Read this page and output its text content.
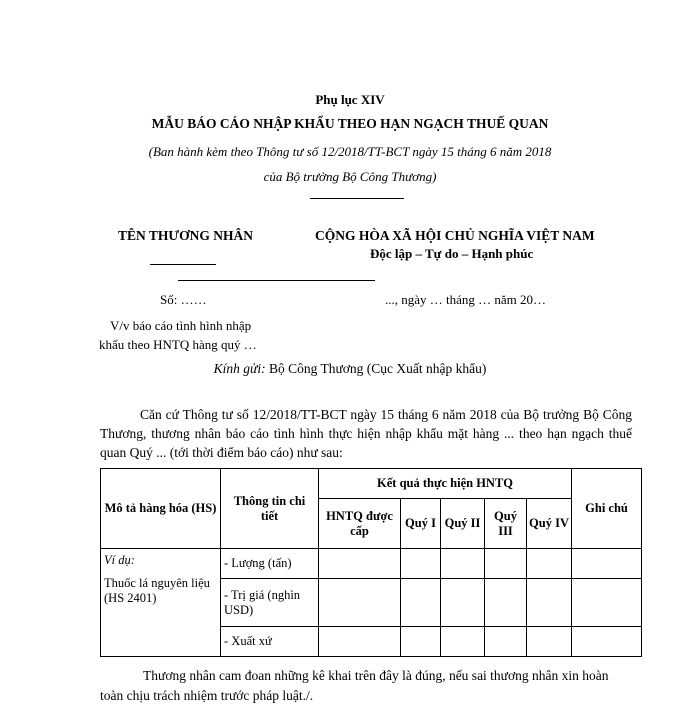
Phụ lục XIV
MẪU BÁO CÁO NHẬP KHẨU THEO HẠN NGẠCH THUẾ QUAN
(Ban hành kèm theo Thông tư số 12/2018/TT-BCT ngày 15 tháng 6 năm 2018
của Bộ trưởng Bộ Công Thương)
TÊN THƯƠNG NHÂN	CỘNG HÒA XÃ HỘI CHỦ NGHĨA VIỆT NAM
Độc lập – Tự do – Hạnh phúc
Số: ……	..., ngày … tháng … năm 20…
V/v báo cáo tình hình nhập
khẩu theo HNTQ hàng quý …
Kính gửi: Bộ Công Thương (Cục Xuất nhập khẩu)
Căn cứ Thông tư số 12/2018/TT-BCT ngày 15 tháng 6 năm 2018 của Bộ trưởng Bộ Công Thương, thương nhân báo cáo tình hình thực hiện nhập khẩu mặt hàng ... theo hạn ngạch thuế quan Quý ... (tới thời điểm báo cáo) như sau:
Mô tả hàng hóa (HS)	Thông tin chi tiết	Kết quả thực hiện HNTQ					Ghi chú
		HNTQ được cấp	Quý I	Quý II	Quý III	Quý IV	

Ví dụ:
Thuốc lá nguyên liệu (HS 2401)	- Lượng (tấn)						
	- Trị giá (nghìn USD)						
	- Xuất xứ						
Thương nhân cam đoan những kê khai trên đây là đúng, nếu sai thương nhân xin hoàn
toàn chịu trách nhiệm trước pháp luật./.
